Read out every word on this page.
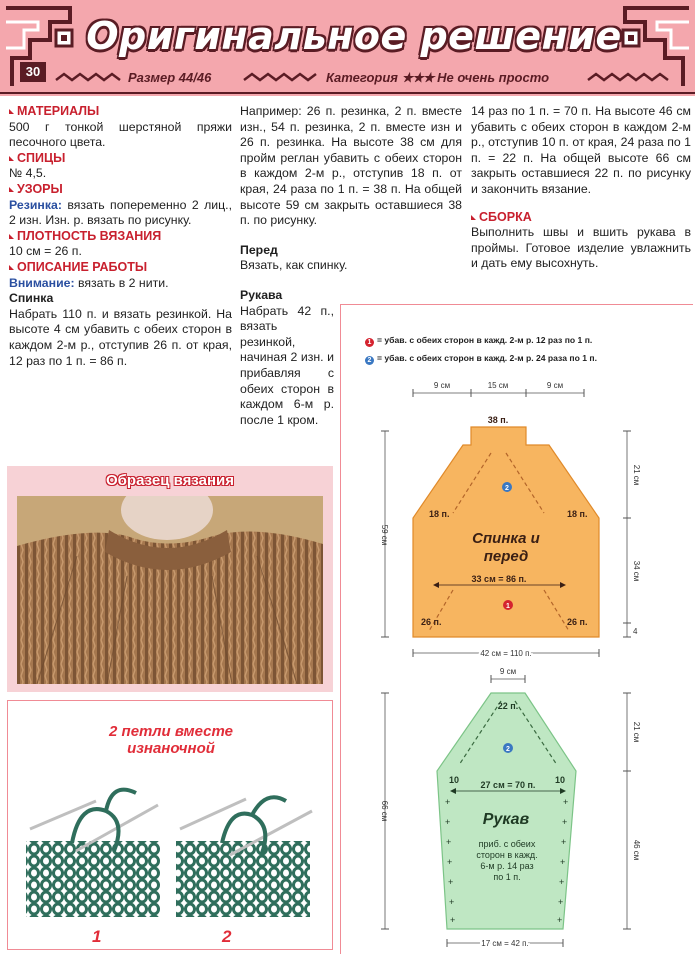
Оригинальное решение
30	Размер 44/46	Категория ★★★ Не очень просто

МАТЕРИАЛЫ

500 г тонкой шерстяной пряжи песочного цвета.

СПИЦЫ

№ 4,5.

УЗОРЫ

Резинка: вязать попеременно 2 лиц., 2 изн. Изн. р. вязать по рисунку.

ПЛОТНОСТЬ ВЯЗАНИЯ

10 см = 26 п.

ОПИСАНИЕ РАБОТЫ

Внимание: вязать в 2 нити.

Спинка

Набрать 110 п. и вязать резинкой. На высоте 4 см убавить с обеих сторон в каждом 2-м р., отступив 26 п. от края, 12 раз по 1 п. = 86 п.

Например: 26 п. резинка, 2 п. вместе изн., 54 п. резинка, 2 п. вместе изн и 26 п. резинка. На высоте 38 см для пройм реглан убавить с обеих сторон в каждом 2-м р., отступив 18 п. от края, 24 раза по 1 п. = 38 п. На общей высоте 59 см закрыть оставшиеся 38 п. по рисунку.

Перед

Вязать, как спинку.

Рукава

Набрать 42 п., вязать резинкой, начиная 2 изн. и прибавляя с обеих сторон в каждом 6-м р. после 1 кром.

14 раз по 1 п. = 70 п. На высоте 46 см убавить с обеих сторон в каждом 2-м р., отступив 10 п. от края, 24 раза по 1 п. = 22 п. На общей высоте 66 см закрыть оставшиеся 22 п. по рисунку и закончить вязание.

СБОРКА

Выполнить швы и вшить рукава в проймы. Готовое изделие увлажнить и дать ему высохнуть.

Образец вязания
2 петли вместе
изнаночной
1	2
1 = убав. с обеих сторон в кажд. 2-м р. 12 раз по 1 п.
2 = убав. с обеих сторон в кажд. 2-м р. 24 раза по 1 п.
9 см	15 см	9 см
38 п.
18 п.	18 п.
Спинка и
перед
33 см = 86 п.
26 п.	26 п.
2
1
42 см = 110 п.
59 см
21 см
34 см
4
9 см
+
+
+
+
+
+
+
+
+
+
+
+
+
+
22 п.
10	10
27 см = 70 п.
Рукав
приб. с обеих
сторон в кажд.
6-м р. 14 раз
по 1 п.
2
17 см = 42 п.
66 см
21 см
46 см
